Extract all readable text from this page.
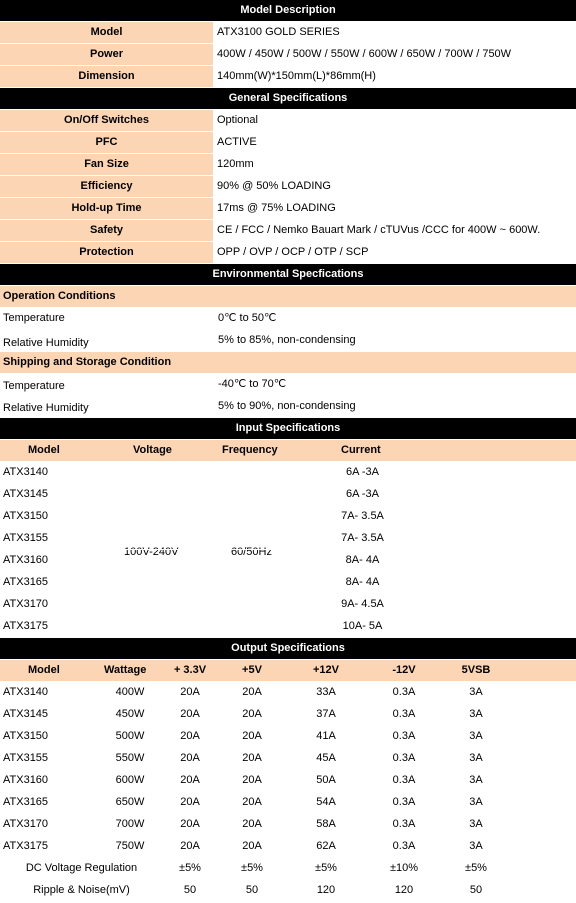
Model Description
Model	ATX3100 GOLD SERIES
Power	400W / 450W / 500W / 550W / 600W / 650W / 700W / 750W
Dimension	140mm(W)*150mm(L)*86mm(H)
General Specifications
On/Off Switches	Optional
PFC	ACTIVE
Fan Size	120mm
Efficiency	90% @ 50% LOADING
Hold-up Time	17ms @ 75% LOADING
Safety	CE / FCC / Nemko Bauart Mark / cTUVus /CCC for 400W ~ 600W.
Protection	OPP / OVP / OCP / OTP / SCP
Environmental Specfications
Operation Conditions
Temperature	0℃ to 50℃
Relative Humidity	5% to 85%, non-condensing
Shipping and Storage Condition
Temperature	-40℃ to 70℃
Relative Humidity	5% to 90%, non-condensing
Input Specifications
Model	Voltage	Frequency	Current
100V-240V	60/50Hz
ATX3140	6A -3A
ATX3145	6A -3A
ATX3150	7A- 3.5A
ATX3155	7A- 3.5A
ATX3160	8A- 4A
ATX3165	8A- 4A
ATX3170	9A- 4.5A
ATX3175	10A- 5A
Output Specifications
Model	Wattage	+ 3.3V	+5V	+12V	-12V	5VSB
ATX3140	400W	20A	20A	33A	0.3A	3A
ATX3145	450W	20A	20A	37A	0.3A	3A
ATX3150	500W	20A	20A	41A	0.3A	3A
ATX3155	550W	20A	20A	45A	0.3A	3A
ATX3160	600W	20A	20A	50A	0.3A	3A
ATX3165	650W	20A	20A	54A	0.3A	3A
ATX3170	700W	20A	20A	58A	0.3A	3A
ATX3175	750W	20A	20A	62A	0.3A	3A
DC Voltage Regulation	±5%	±5%	±5%	±10%	±5%
Ripple & Noise(mV)	50	50	120	120	50
